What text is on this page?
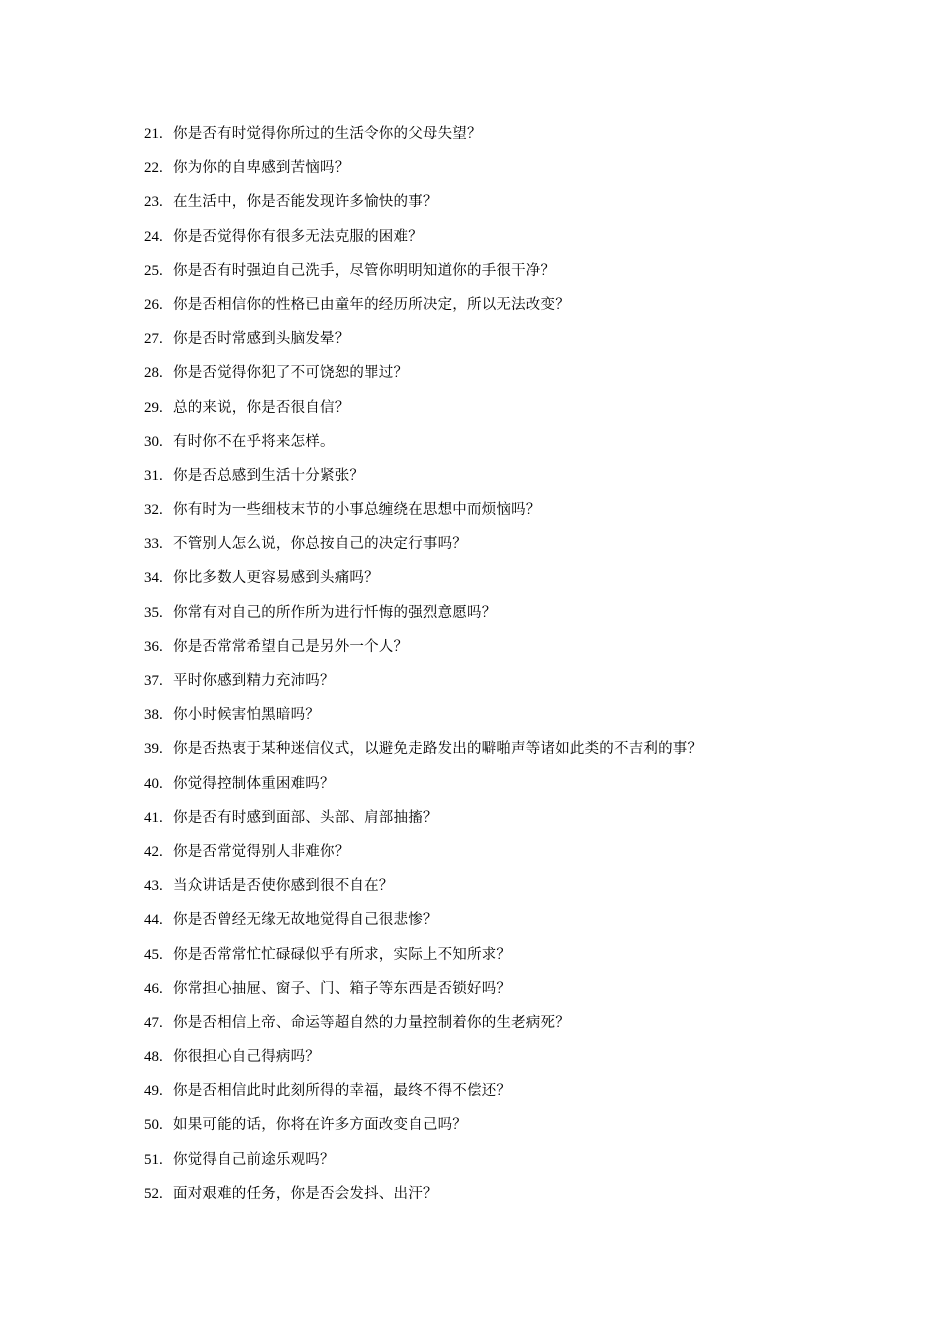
21. 你是否有时觉得你所过的生活令你的父母失望？
22. 你为你的自卑感到苦恼吗？
23. 在生活中，你是否能发现许多愉快的事？
24. 你是否觉得你有很多无法克服的困难？
25. 你是否有时强迫自己洗手，尽管你明明知道你的手很干净？
26. 你是否相信你的性格已由童年的经历所决定，所以无法改变？
27. 你是否时常感到头脑发晕？
28. 你是否觉得你犯了不可饶恕的罪过？
29. 总的来说，你是否很自信？
30. 有时你不在乎将来怎样。
31. 你是否总感到生活十分紧张？
32. 你有时为一些细枝末节的小事总缠绕在思想中而烦恼吗？
33. 不管别人怎么说，你总按自己的决定行事吗？
34. 你比多数人更容易感到头痛吗？
35. 你常有对自己的所作所为进行忏悔的强烈意愿吗？
36. 你是否常常希望自己是另外一个人？
37. 平时你感到精力充沛吗？
38. 你小时候害怕黑暗吗？
39. 你是否热衷于某种迷信仪式，以避免走路发出的噼啪声等诸如此类的不吉利的事？
40. 你觉得控制体重困难吗？
41. 你是否有时感到面部、头部、肩部抽搐？
42. 你是否常觉得别人非难你？
43. 当众讲话是否使你感到很不自在？
44. 你是否曾经无缘无故地觉得自己很悲惨？
45. 你是否常常忙忙碌碌似乎有所求，实际上不知所求？
46. 你常担心抽屉、窗子、门、箱子等东西是否锁好吗？
47. 你是否相信上帝、命运等超自然的力量控制着你的生老病死？
48. 你很担心自己得病吗？
49. 你是否相信此时此刻所得的幸福，最终不得不偿还？
50. 如果可能的话，你将在许多方面改变自己吗？
51. 你觉得自己前途乐观吗？
52. 面对艰难的任务，你是否会发抖、出汗？
